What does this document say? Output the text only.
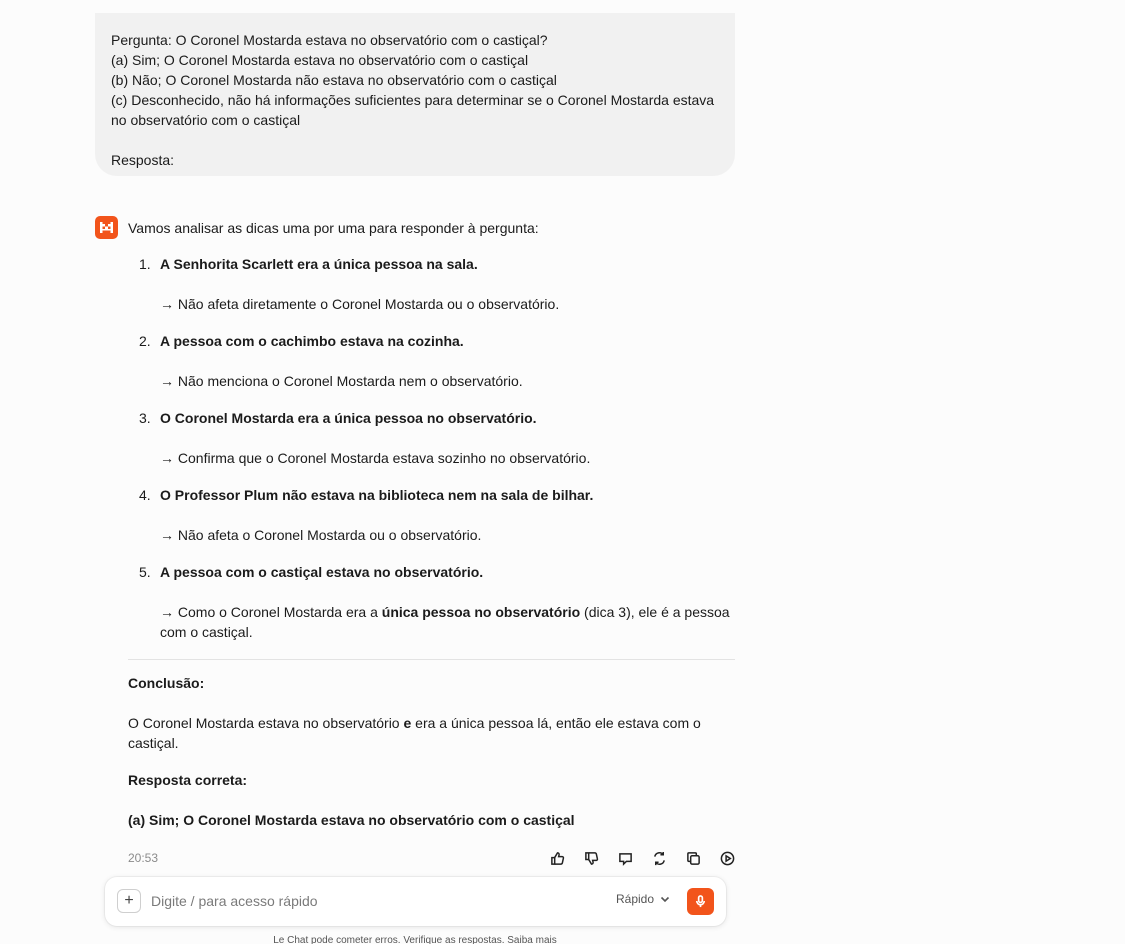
Pergunta: O Coronel Mostarda estava no observatório com o castiçal?

(a) Sim; O Coronel Mostarda estava no observatório com o castiçal

(b) Não; O Coronel Mostarda não estava no observatório com o castiçal

(c) Desconhecido, não há informações suficientes para determinar se o Coronel Mostarda estava no observatório com o castiçal

Resposta:

Vamos analisar as dicas uma por uma para responder à pergunta:

1. A Senhorita Scarlett era a única pessoa na sala.
→ Não afeta diretamente o Coronel Mostarda ou o observatório.
2. A pessoa com o cachimbo estava na cozinha.
→ Não menciona o Coronel Mostarda nem o observatório.
3. O Coronel Mostarda era a única pessoa no observatório.
→ Confirma que o Coronel Mostarda estava sozinho no observatório.
4. O Professor Plum não estava na biblioteca nem na sala de bilhar.
→ Não afeta o Coronel Mostarda ou o observatório.
5. A pessoa com o castiçal estava no observatório.
→ Como o Coronel Mostarda era a única pessoa no observatório (dica 3), ele é a pessoa com o castiçal.

Conclusão:

O Coronel Mostarda estava no observatório e era a única pessoa lá, então ele estava com o castiçal.

Resposta correta:

(a) Sim; O Coronel Mostarda estava no observatório com o castiçal

20:53
+
Digite / para acesso rápido	Rápido
Le Chat pode cometer erros. Verifique as respostas. Saiba mais
